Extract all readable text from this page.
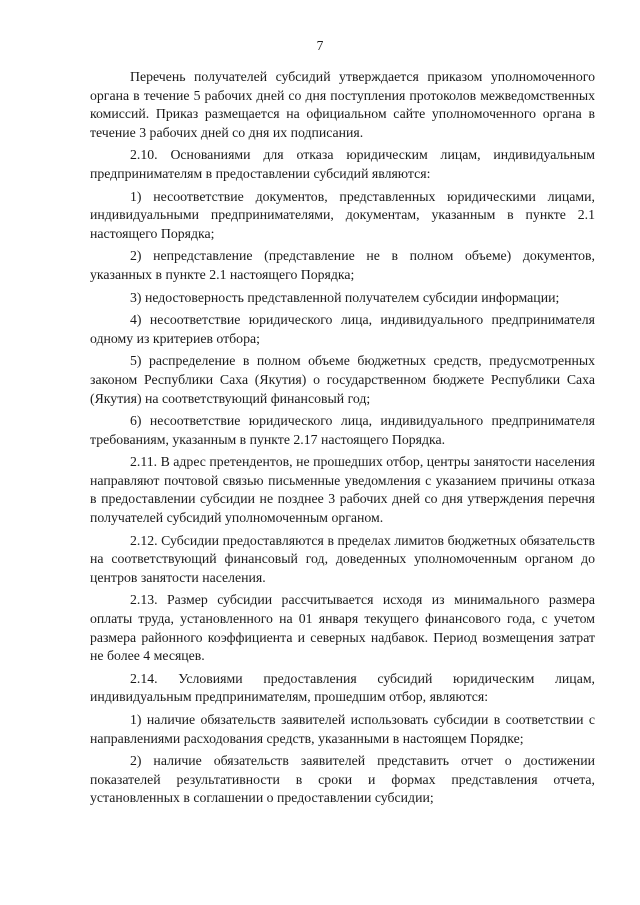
7

Перечень получателей субсидий утверждается приказом уполномоченного органа в течение 5 рабочих дней со дня поступления протоколов межведомственных комиссий. Приказ размещается на официальном сайте уполномоченного органа в течение 3 рабочих дней со дня их подписания.

2.10. Основаниями для отказа юридическим лицам, индивидуальным предпринимателям в предоставлении субсидий являются:

1) несоответствие документов, представленных юридическими лицами, индивидуальными предпринимателями, документам, указанным в пункте 2.1 настоящего Порядка;

2) непредставление (представление не в полном объеме) документов, указанных в пункте 2.1 настоящего Порядка;

3) недостоверность представленной получателем субсидии информации;

4) несоответствие юридического лица, индивидуального предпринимателя одному из критериев отбора;

5) распределение в полном объеме бюджетных средств, предусмотренных законом Республики Саха (Якутия) о государственном бюджете Республики Саха (Якутия) на соответствующий финансовый год;

6) несоответствие юридического лица, индивидуального предпринимателя требованиям, указанным в пункте 2.17 настоящего Порядка.

2.11. В адрес претендентов, не прошедших отбор, центры занятости населения направляют почтовой связью письменные уведомления с указанием причины отказа в предоставлении субсидии не позднее 3 рабочих дней со дня утверждения перечня получателей субсидий уполномоченным органом.

2.12. Субсидии предоставляются в пределах лимитов бюджетных обязательств на соответствующий финансовый год, доведенных уполномоченным органом до центров занятости населения.

2.13. Размер субсидии рассчитывается исходя из минимального размера оплаты труда, установленного на 01 января текущего финансового года, с учетом размера районного коэффициента и северных надбавок. Период возмещения затрат не более 4 месяцев.

2.14. Условиями предоставления субсидий юридическим лицам, индивидуальным предпринимателям, прошедшим отбор, являются:

1) наличие обязательств заявителей использовать субсидии в соответствии с направлениями расходования средств, указанными в настоящем Порядке;

2) наличие обязательств заявителей представить отчет о достижении показателей результативности в сроки и формах представления отчета, установленных в соглашении о предоставлении субсидии;
